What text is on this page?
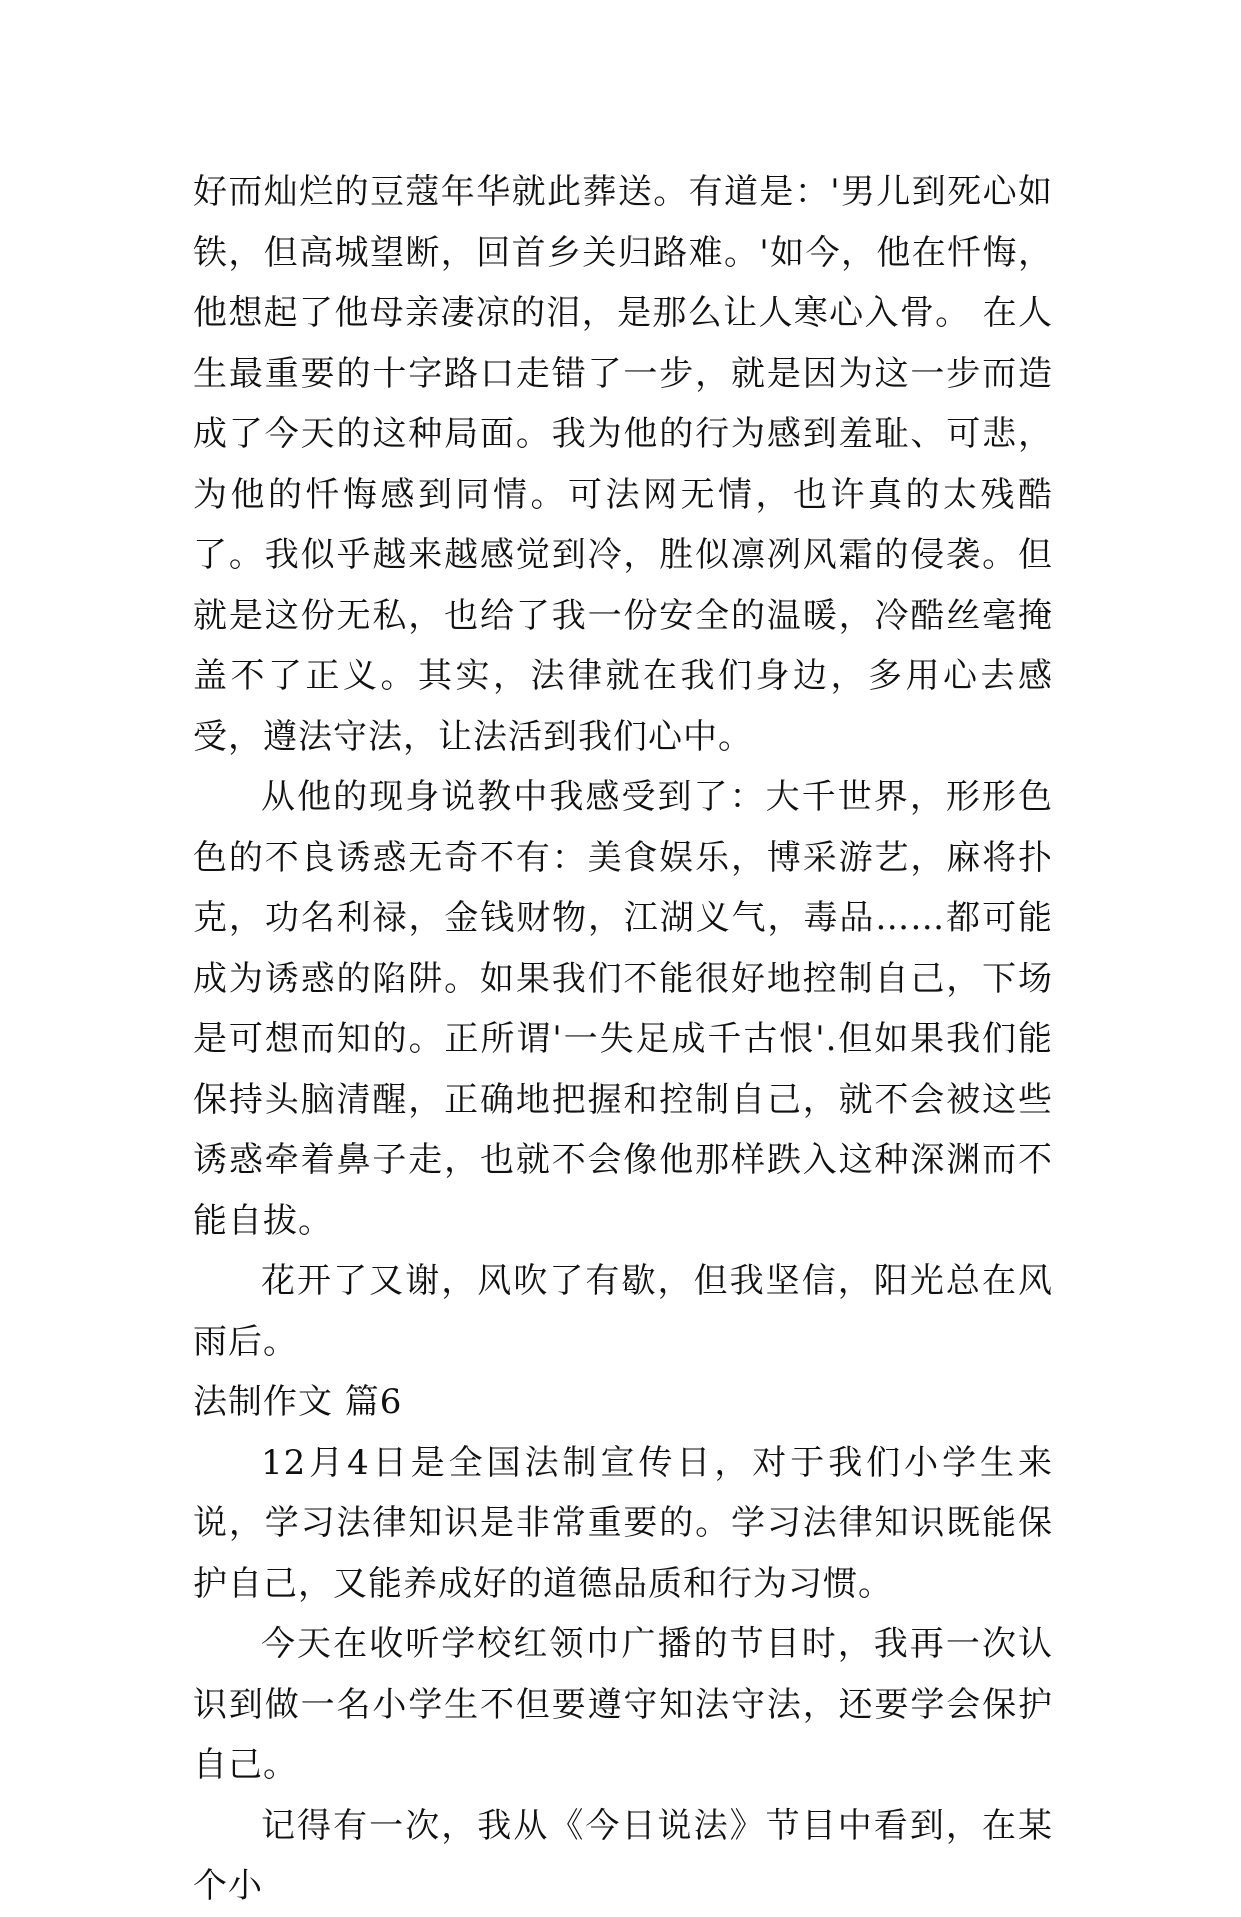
好而灿烂的豆蔻年华就此葬送。有道是：'男儿到死心如铁，但高城望断，回首乡关归路难。'如今，他在忏悔，他想起了他母亲凄凉的泪，是那么让人寒心入骨。 在人生最重要的十字路口走错了一步，就是因为这一步而造成了今天的这种局面。我为他的行为感到羞耻、可悲，为他的忏悔感到同情。可法网无情，也许真的太残酷了。我似乎越来越感觉到冷，胜似凛冽风霜的侵袭。但就是这份无私，也给了我一份安全的温暖，冷酷丝毫掩盖不了正义。其实，法律就在我们身边，多用心去感受，遵法守法，让法活到我们心中。

从他的现身说教中我感受到了：大千世界，形形色色的不良诱惑无奇不有：美食娱乐，博采游艺，麻将扑克，功名利禄，金钱财物，江湖义气，毒品……都可能成为诱惑的陷阱。如果我们不能很好地控制自己，下场是可想而知的。正所谓'一失足成千古恨'.但如果我们能保持头脑清醒，正确地把握和控制自己，就不会被这些诱惑牵着鼻子走，也就不会像他那样跌入这种深渊而不能自拔。

花开了又谢，风吹了有歇，但我坚信，阳光总在风雨后。

法制作文 篇6

12月4日是全国法制宣传日，对于我们小学生来说，学习法律知识是非常重要的。学习法律知识既能保护自己，又能养成好的道德品质和行为习惯。

今天在收听学校红领巾广播的节目时，我再一次认识到做一名小学生不但要遵守知法守法，还要学会保护自己。

记得有一次，我从《今日说法》节目中看到，在某个小
